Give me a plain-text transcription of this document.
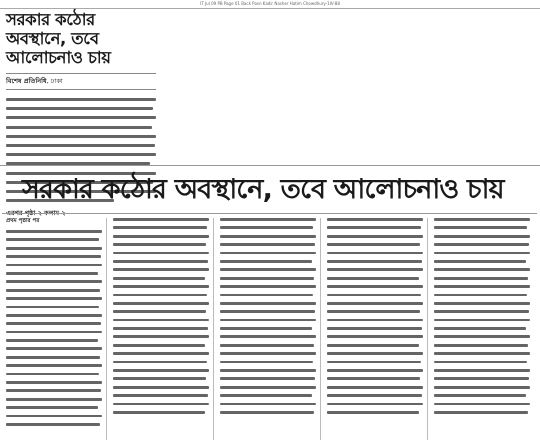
IT Jul 09 PB Page 01 Back Posn Kadir Nasher Hatim Chowdhury-1IV-88
সরকার কঠোর অবস্থানে, তবে আলোচনাও চায়
বিশেষ প্রতিনিধি, ঢাকা
সরকার কঠোর অবস্থানে, তবে আলোচনাও চায়
প্রথম পৃষ্ঠার পর
